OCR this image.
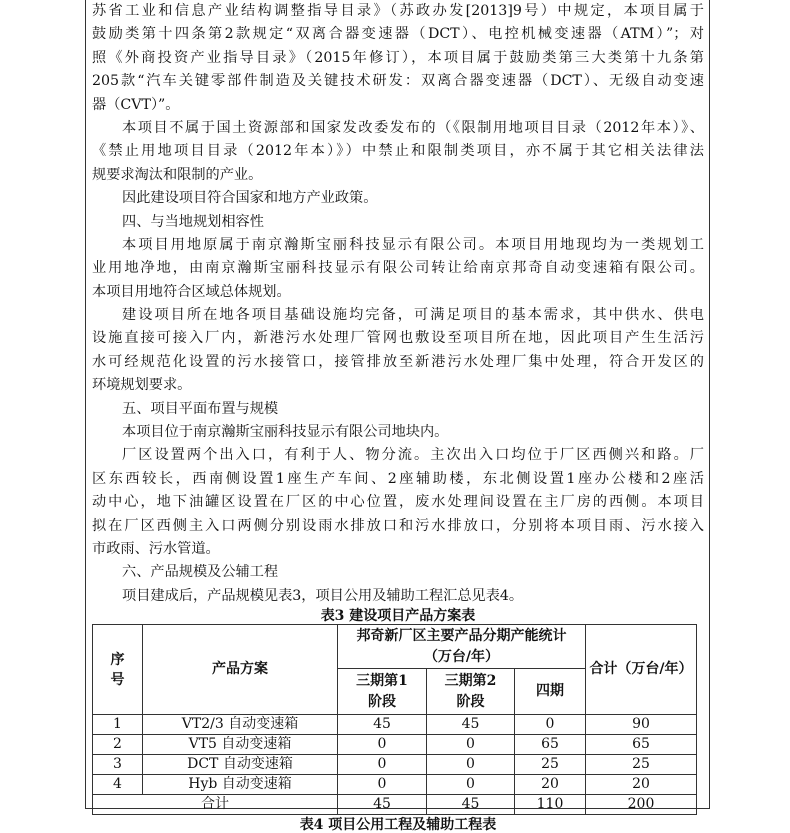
苏省工业和信息产业结构调整指导目录》（苏政办发[2013]9号）中规定，本项目属于
鼓励类第十四条第2款规定“双离合器变速器（DCT）、电控机械变速器（ATM）”；对
照《外商投资产业指导目录》（2015年修订），本项目属于鼓励类第三大类第十九条第
205款“汽车关键零部件制造及关键技术研发：双离合器变速器（DCT）、无级自动变速
器（CVT）”。
本项目不属于国土资源部和国家发改委发布的（《限制用地项目目录（2012年本）》、
《禁止用地项目目录（2012年本）》）中禁止和限制类项目，亦不属于其它相关法律法
规要求淘汰和限制的产业。
因此建设项目符合国家和地方产业政策。
四、与当地规划相容性
本项目用地原属于南京瀚斯宝丽科技显示有限公司。本项目用地现均为一类规划工
业用地净地，由南京瀚斯宝丽科技显示有限公司转让给南京邦奇自动变速箱有限公司。
本项目用地符合区域总体规划。
建设项目所在地各项目基础设施均完备，可满足项目的基本需求，其中供水、供电
设施直接可接入厂内，新港污水处理厂管网也敷设至项目所在地，因此项目产生生活污
水可经规范化设置的污水接管口，接管排放至新港污水处理厂集中处理，符合开发区的
环境规划要求。
五、项目平面布置与规模
本项目位于南京瀚斯宝丽科技显示有限公司地块内。
厂区设置两个出入口，有利于人、物分流。主次出入口均位于厂区西侧兴和路。厂
区东西较长，西南侧设置1座生产车间、2座辅助楼，东北侧设置1座办公楼和2座活
动中心，地下油罐区设置在厂区的中心位置，废水处理间设置在主厂房的西侧。本项目
拟在厂区西侧主入口两侧分别设雨水排放口和污水排放口，分别将本项目雨、污水接入
市政雨、污水管道。
六、产品规模及公辅工程
项目建成后，产品规模见表3，项目公用及辅助工程汇总见表4。
表3 建设项目产品方案表
序号	产品方案	邦奇新厂区主要产品分期产能统计（万台/年）			合计（万台/年）

		三期第1阶段	三期第2阶段	四期	
1	VT2/3 自动变速箱	45	45	0	90
2	VT5 自动变速箱	0	0	65	65
3	DCT 自动变速箱	0	0	25	25
4	Hyb 自动变速箱	0	0	20	20
合计		45	45	110	200
表4 项目公用工程及辅助工程表
